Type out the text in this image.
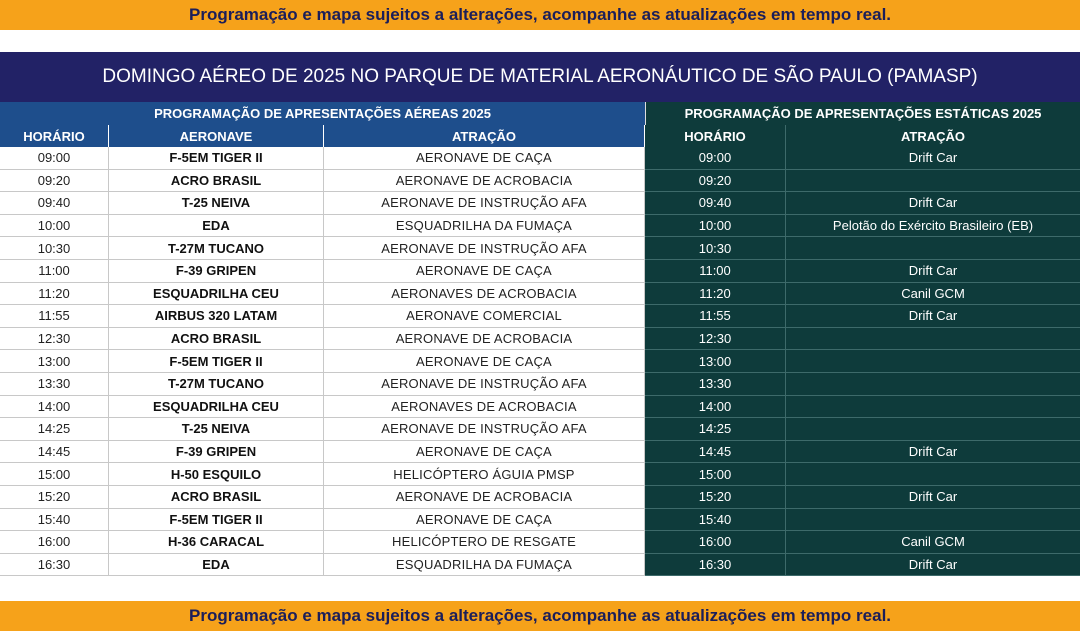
Programação e mapa sujeitos a alterações, acompanhe as atualizações em tempo real.
DOMINGO AÉREO DE 2025 NO PARQUE DE MATERIAL AERONÁUTICO DE SÃO PAULO (PAMASP)
PROGRAMAÇÃO DE APRESENTAÇÕES AÉREAS 2025	PROGRAMAÇÃO DE APRESENTAÇÕES ESTÁTICAS 2025
HORÁRIO	AERONAVE	ATRAÇÃO	HORÁRIO	ATRAÇÃO
09:00	F-5EM TIGER II	AERONAVE DE CAÇA	09:00	Drift Car
09:20	ACRO BRASIL	AERONAVE DE ACROBACIA	09:20
09:40	T-25 NEIVA	AERONAVE DE INSTRUÇÃO AFA	09:40	Drift Car
10:00	EDA	ESQUADRILHA DA FUMAÇA	10:00	Pelotão do Exército Brasileiro (EB)
10:30	T-27M TUCANO	AERONAVE DE INSTRUÇÃO AFA	10:30
11:00	F-39 GRIPEN	AERONAVE DE CAÇA	11:00	Drift Car
11:20	ESQUADRILHA CEU	AERONAVES DE ACROBACIA	11:20	Canil GCM
11:55	AIRBUS 320 LATAM	AERONAVE COMERCIAL	11:55	Drift Car
12:30	ACRO BRASIL	AERONAVE DE ACROBACIA	12:30
13:00	F-5EM TIGER II	AERONAVE DE CAÇA	13:00
13:30	T-27M TUCANO	AERONAVE DE INSTRUÇÃO AFA	13:30
14:00	ESQUADRILHA CEU	AERONAVES DE ACROBACIA	14:00
14:25	T-25 NEIVA	AERONAVE DE INSTRUÇÃO AFA	14:25
14:45	F-39 GRIPEN	AERONAVE DE CAÇA	14:45	Drift Car
15:00	H-50 ESQUILO	HELICÓPTERO ÁGUIA PMSP	15:00
15:20	ACRO BRASIL	AERONAVE DE ACROBACIA	15:20	Drift Car
15:40	F-5EM TIGER II	AERONAVE DE CAÇA	15:40
16:00	H-36 CARACAL	HELICÓPTERO DE RESGATE	16:00	Canil GCM
16:30	EDA	ESQUADRILHA DA FUMAÇA	16:30	Drift Car
Programação e mapa sujeitos a alterações, acompanhe as atualizações em tempo real.
